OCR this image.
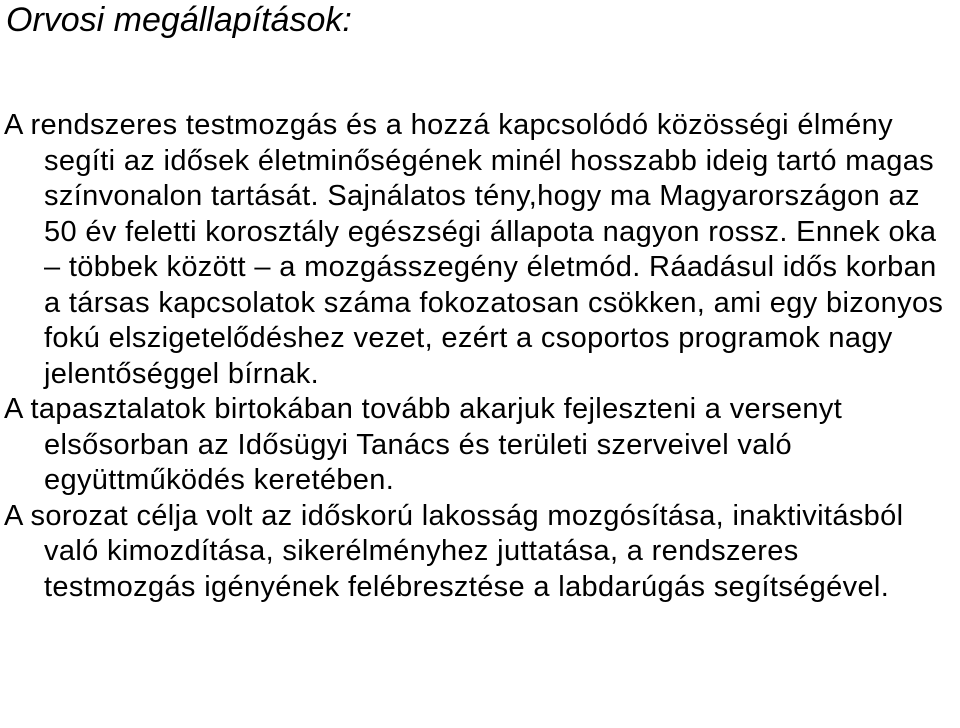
Orvosi megállapítások:

A rendszeres testmozgás és a hozzá kapcsolódó közösségi élmény segíti az idősek életminőségének minél hosszabb ideig tartó magas színvonalon tartását. Sajnálatos tény,hogy ma Magyarországon az 50 év feletti korosztály egészségi állapota nagyon rossz. Ennek oka – többek között – a mozgásszegény életmód. Ráadásul idős korban a társas kapcsolatok száma fokozatosan csökken, ami egy bizonyos fokú elszigetelődéshez vezet, ezért a csoportos programok nagy jelentőséggel bírnak.

A tapasztalatok birtokában tovább akarjuk fejleszteni a versenyt elsősorban az Idősügyi Tanács és területi szerveivel való együttműködés keretében.

A sorozat célja volt az időskorú lakosság mozgósítása, inaktivitásból való kimozdítása, sikerélményhez juttatása, a rendszeres testmozgás igényének felébresztése a labdarúgás segítségével.
